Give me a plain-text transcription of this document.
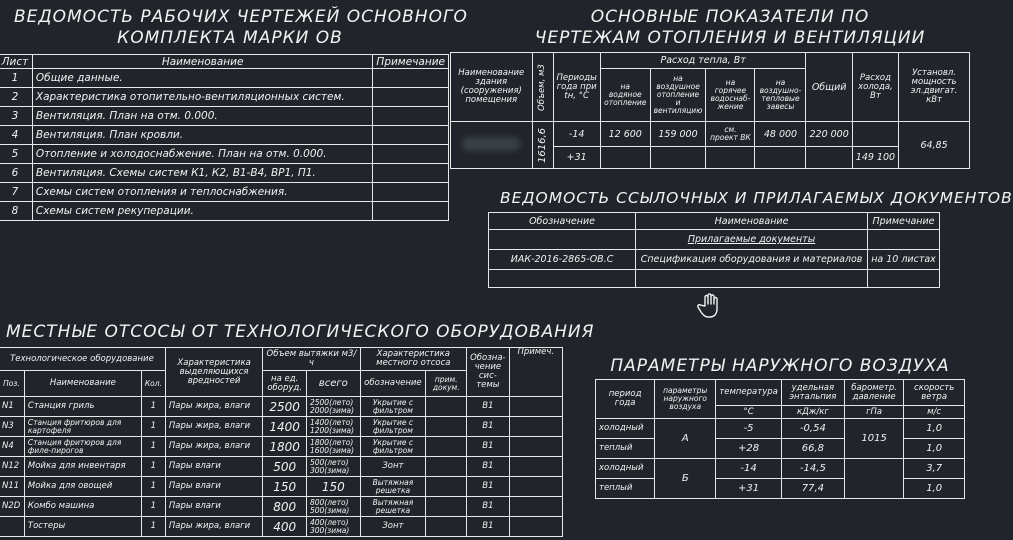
ВЕДОМОСТЬ РАБОЧИХ ЧЕРТЕЖЕЙ ОСНОВНОГО
КОМПЛЕКТА МАРКИ ОВ
Лист	Наименование	Примечание
1	Общие данные.	
2	Характеристика отопительно-вентиляционных систем.	
3	Вентиляция. План на отм. 0.000.	
4	Вентиляция. План кровли.	
5	Отопление и холодоснабжение. План на отм. 0.000.	
6	Вентиляция. Схемы систем К1, К2, В1-В4, ВР1, П1.	
7	Схемы систем отопления и теплоснабжения.	
8	Схемы систем рекуперации.	
ОСНОВНЫЕ ПОКАЗАТЕЛИ ПО
ЧЕРТЕЖАМ ОТОПЛЕНИЯ И ВЕНТИЛЯЦИИ
Наименование здания (сооружения) помещения	Объем, м3	Периоды года при tн, °С	Расход тепла, Вт				Общий	Расход холода, Вт	Установл. мощность эл.двигат. кВт
			на водяное отопление	на воздушное отопление и вентиляцию	на горячее водоснаб-жение	на воздушно-тепловые завесы			
	1616,6	-14	12 600	159 000	см. проект ВК	48 000	220 000		64,85
		+31						149 100	
ВЕДОМОСТЬ ССЫЛОЧНЫХ И ПРИЛАГАЕМЫХ ДОКУМЕНТОВ
Обозначение	Наименование	Примечание
	Прилагаемые документы	
ИАК-2016-2865-ОВ.С	Спецификация оборудования и материалов	на 10 листах

МЕСТНЫЕ ОТСОСЫ ОТ ТЕХНОЛОГИЧЕСКОГО ОБОРУДОВАНИЯ
Технологическое оборудование			Характеристика выделяющихся вредностей	Объем вытяжки м3/ч		Характеристика местного отсоса		Обозна-чение сис-темы	Примеч.
Поз.	Наименование	Кол.		на ед. оборуд.	всего	обозначение	прим. докум.		
N1	Станция гриль	1	Пары жира, влаги	2500	2500(лето) 2000(зима)	Укрытие с фильтром		В1	
N3	Станция фритюров для картофеля	1	Пары жира, влаги	1400	1400(лето) 1200(зима)	Укрытие с фильтром		В1	
N4	Станция фритюров для филе-пирогов	1	Пары жира, влаги	1800	1800(лето) 1600(зима)	Укрытие с фильтром		В1	
N12	Мойка для инвентаря	1	Пары влаги	500	500(лето) 300(зима)	Зонт		В1	
N11	Мойка для овощей	1	Пары влаги	150	150	Вытяжная решетка		В1	
N2D	Комбо машина	1	Пары влаги	800	800(лето) 500(зима)	Вытяжная решетка		В1	
	Тостеры	1	Пары жира, влаги	400	400(лето) 300(зима)	Зонт		В1	
ПАРАМЕТРЫ НАРУЖНОГО ВОЗДУХА
период года	параметры наружного воздуха	температура	удельная энтальпия	барометр. давление	скорость ветра
		°С	кДж/кг	гПа	м/с
холодный	А	-5	-0,54	1015	1,0
теплый		+28	66,8		1,0
холодный	Б	-14	-14,5		3,7
теплый		+31	77,4		1,0
